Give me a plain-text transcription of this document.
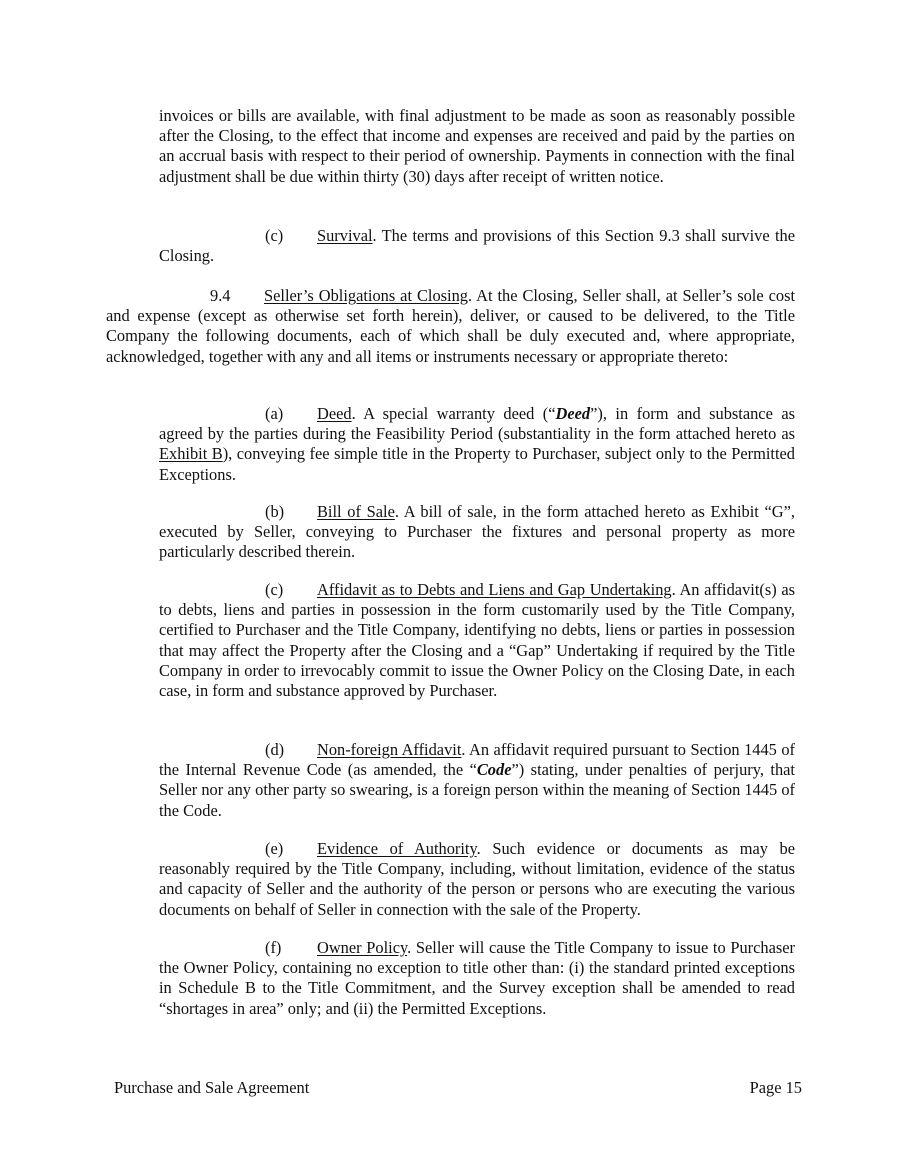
invoices or bills are available, with final adjustment to be made as soon as reasonably possible after the Closing, to the effect that income and expenses are received and paid by the parties on an accrual basis with respect to their period of ownership. Payments in connection with the final adjustment shall be due within thirty (30) days after receipt of written notice.

(c) Survival. The terms and provisions of this Section 9.3 shall survive the Closing.

9.4 Seller’s Obligations at Closing. At the Closing, Seller shall, at Seller’s sole cost and expense (except as otherwise set forth herein), deliver, or caused to be delivered, to the Title Company the following documents, each of which shall be duly executed and, where appropriate, acknowledged, together with any and all items or instruments necessary or appropriate thereto:

(a) Deed. A special warranty deed (“Deed”), in form and substance as agreed by the parties during the Feasibility Period (substantiality in the form attached hereto as Exhibit B), conveying fee simple title in the Property to Purchaser, subject only to the Permitted Exceptions.

(b) Bill of Sale. A bill of sale, in the form attached hereto as Exhibit “G”, executed by Seller, conveying to Purchaser the fixtures and personal property as more particularly described therein.

(c) Affidavit as to Debts and Liens and Gap Undertaking. An affidavit(s) as to debts, liens and parties in possession in the form customarily used by the Title Company, certified to Purchaser and the Title Company, identifying no debts, liens or parties in possession that may affect the Property after the Closing and a “Gap” Undertaking if required by the Title Company in order to irrevocably commit to issue the Owner Policy on the Closing Date, in each case, in form and substance approved by Purchaser.

(d) Non-foreign Affidavit. An affidavit required pursuant to Section 1445 of the Internal Revenue Code (as amended, the “Code”) stating, under penalties of perjury, that Seller nor any other party so swearing, is a foreign person within the meaning of Section 1445 of the Code.

(e) Evidence of Authority. Such evidence or documents as may be reasonably required by the Title Company, including, without limitation, evidence of the status and capacity of Seller and the authority of the person or persons who are executing the various documents on behalf of Seller in connection with the sale of the Property.

(f) Owner Policy. Seller will cause the Title Company to issue to Purchaser the Owner Policy, containing no exception to title other than: (i) the standard printed exceptions in Schedule B to the Title Commitment, and the Survey exception shall be amended to read “shortages in area” only; and (ii) the Permitted Exceptions.

Purchase and Sale Agreement	Page 15
